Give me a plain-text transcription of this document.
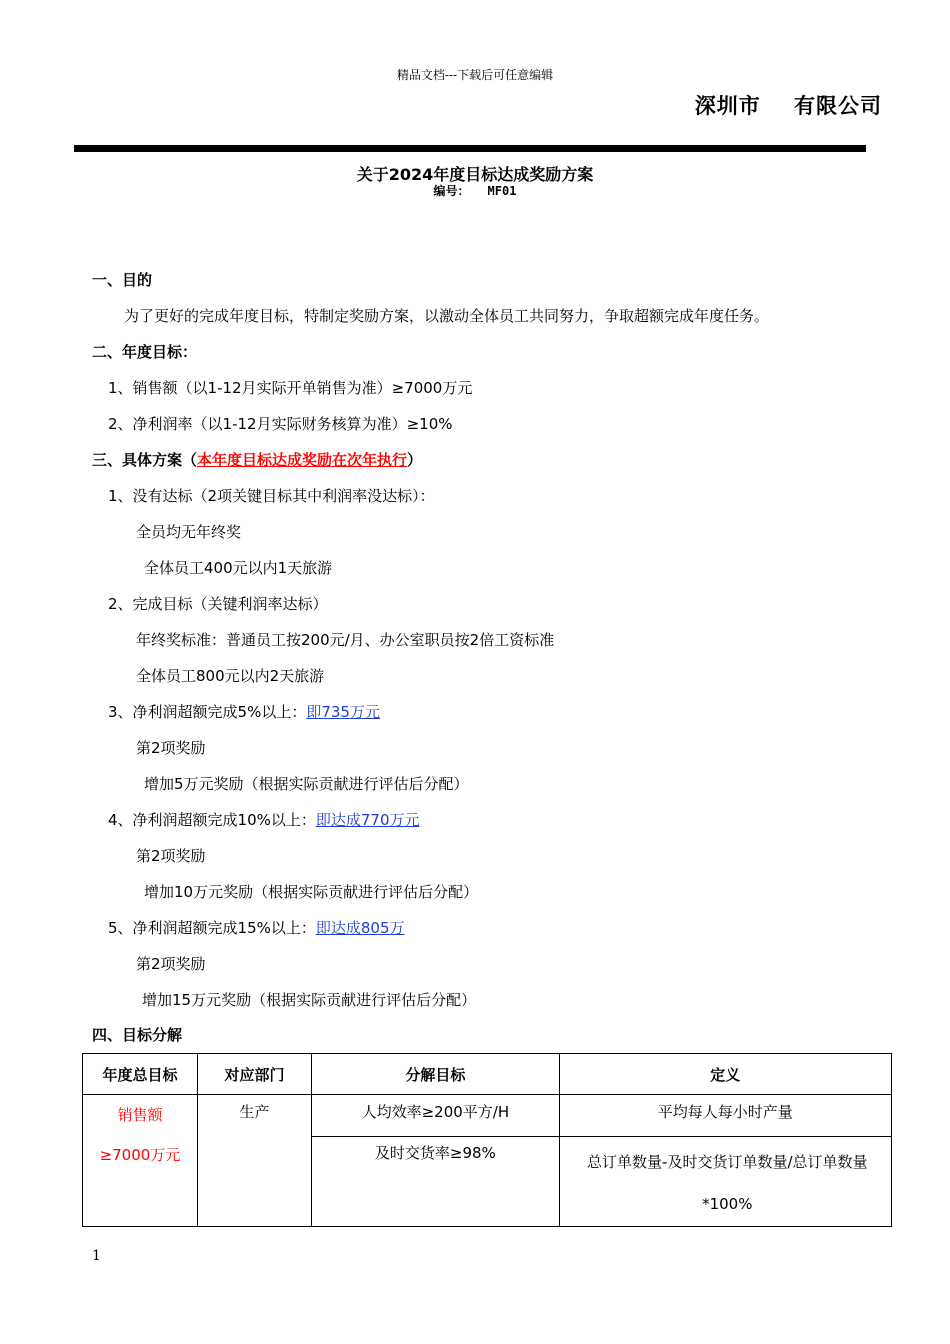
精品文档---下载后可任意编辑
深圳市    有限公司
关于2024年度目标达成奖励方案
编号： MF01
一、目的
为了更好的完成年度目标，特制定奖励方案，以激动全体员工共同努力，争取超额完成年度任务。
二、年度目标：
1、销售额（以1-12月实际开单销售为准）≥7000万元
2、净利润率（以1-12月实际财务核算为准）≥10%
三、具体方案（本年度目标达成奖励在次年执行）
1、没有达标（2项关键目标其中利润率没达标）：
全员均无年终奖
全体员工400元以内1天旅游
2、完成目标（关键利润率达标）
年终奖标准：普通员工按200元/月、办公室职员按2倍工资标准
全体员工800元以内2天旅游
3、净利润超额完成5%以上：即735万元
第2项奖励
增加5万元奖励（根据实际贡献进行评估后分配）
4、净利润超额完成10%以上：即达成770万元
第2项奖励
增加10万元奖励（根据实际贡献进行评估后分配）
5、净利润超额完成15%以上：即达成805万
第2项奖励
增加15万元奖励（根据实际贡献进行评估后分配）
四、目标分解
年度总目标	对应部门	分解目标	定义

销售额
≥7000万元	生产	人均效率≥200平方/H	平均每人每小时产量
		及时交货率≥98%	总订单数量-及时交货订单数量/总订单数量*100%
1
